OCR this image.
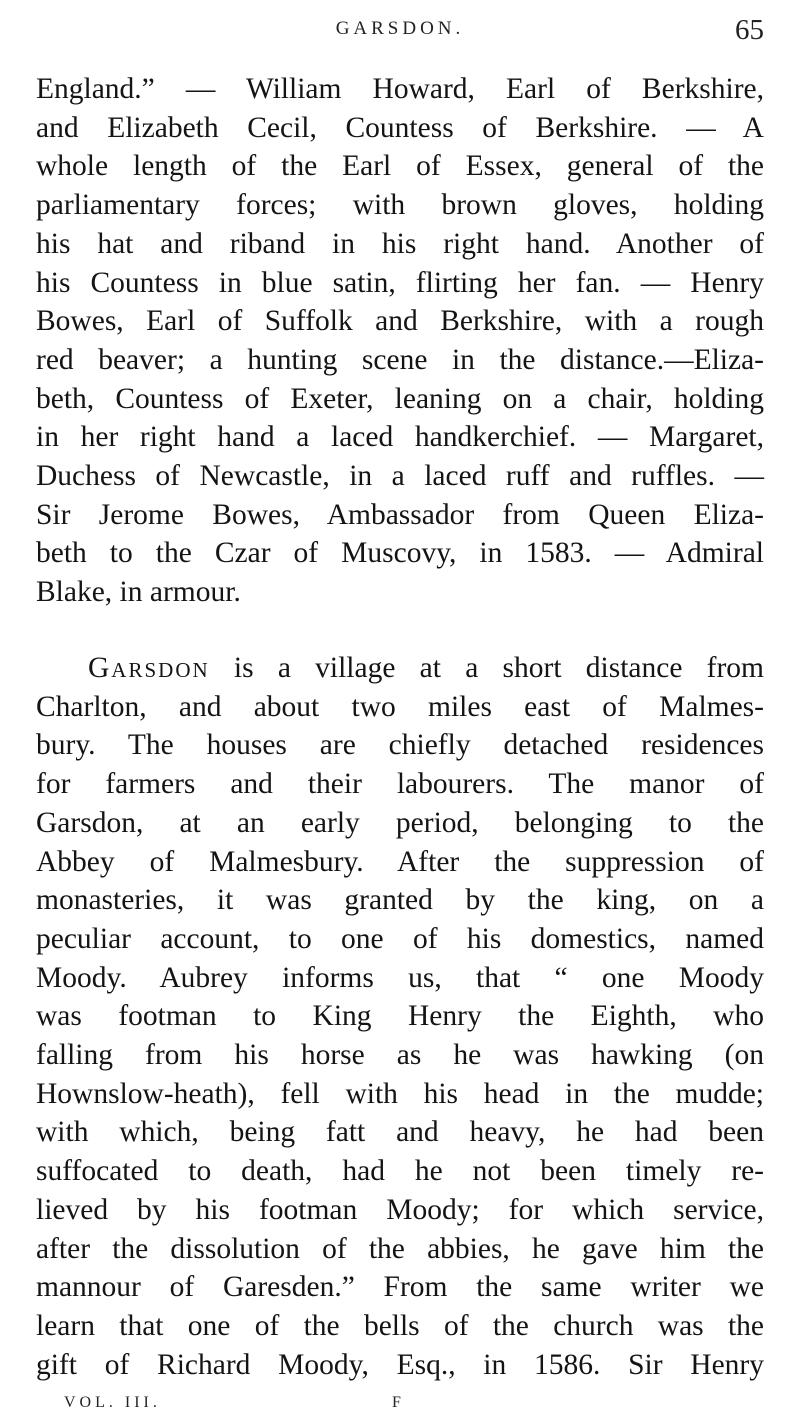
GARSDON.	65
England.” — William Howard, Earl of Berkshire,
and Elizabeth Cecil, Countess of Berkshire. — A
whole length of the Earl of Essex, general of the
parliamentary forces; with brown gloves, holding
his hat and riband in his right hand. Another of
his Countess in blue satin, flirting her fan. — Henry
Bowes, Earl of Suffolk and Berkshire, with a rough
red beaver; a hunting scene in the distance.—Eliza-
beth, Countess of Exeter, leaning on a chair, holding
in her right hand a laced handkerchief. — Margaret,
Duchess of Newcastle, in a laced ruff and ruffles. —
Sir Jerome Bowes, Ambassador from Queen Eliza-
beth to the Czar of Muscovy, in 1583. — Admiral
Blake, in armour.
Garsdon is a village at a short distance from
Charlton, and about two miles east of Malmes-
bury. The houses are chiefly detached residences
for farmers and their labourers. The manor of
Garsdon, at an early period, belonging to the
Abbey of Malmesbury. After the suppression of
monasteries, it was granted by the king, on a
peculiar account, to one of his domestics, named
Moody. Aubrey informs us, that “ one Moody
was footman to King Henry the Eighth, who
falling from his horse as he was hawking (on
Hownslow-heath), fell with his head in the mudde;
with which, being fatt and heavy, he had been
suffocated to death, had he not been timely re-
lieved by his footman Moody; for which service,
after the dissolution of the abbies, he gave him the
mannour of Garesden.” From the same writer we
learn that one of the bells of the church was the
gift of Richard Moody, Esq., in 1586. Sir Henry
VOL. III.	F
